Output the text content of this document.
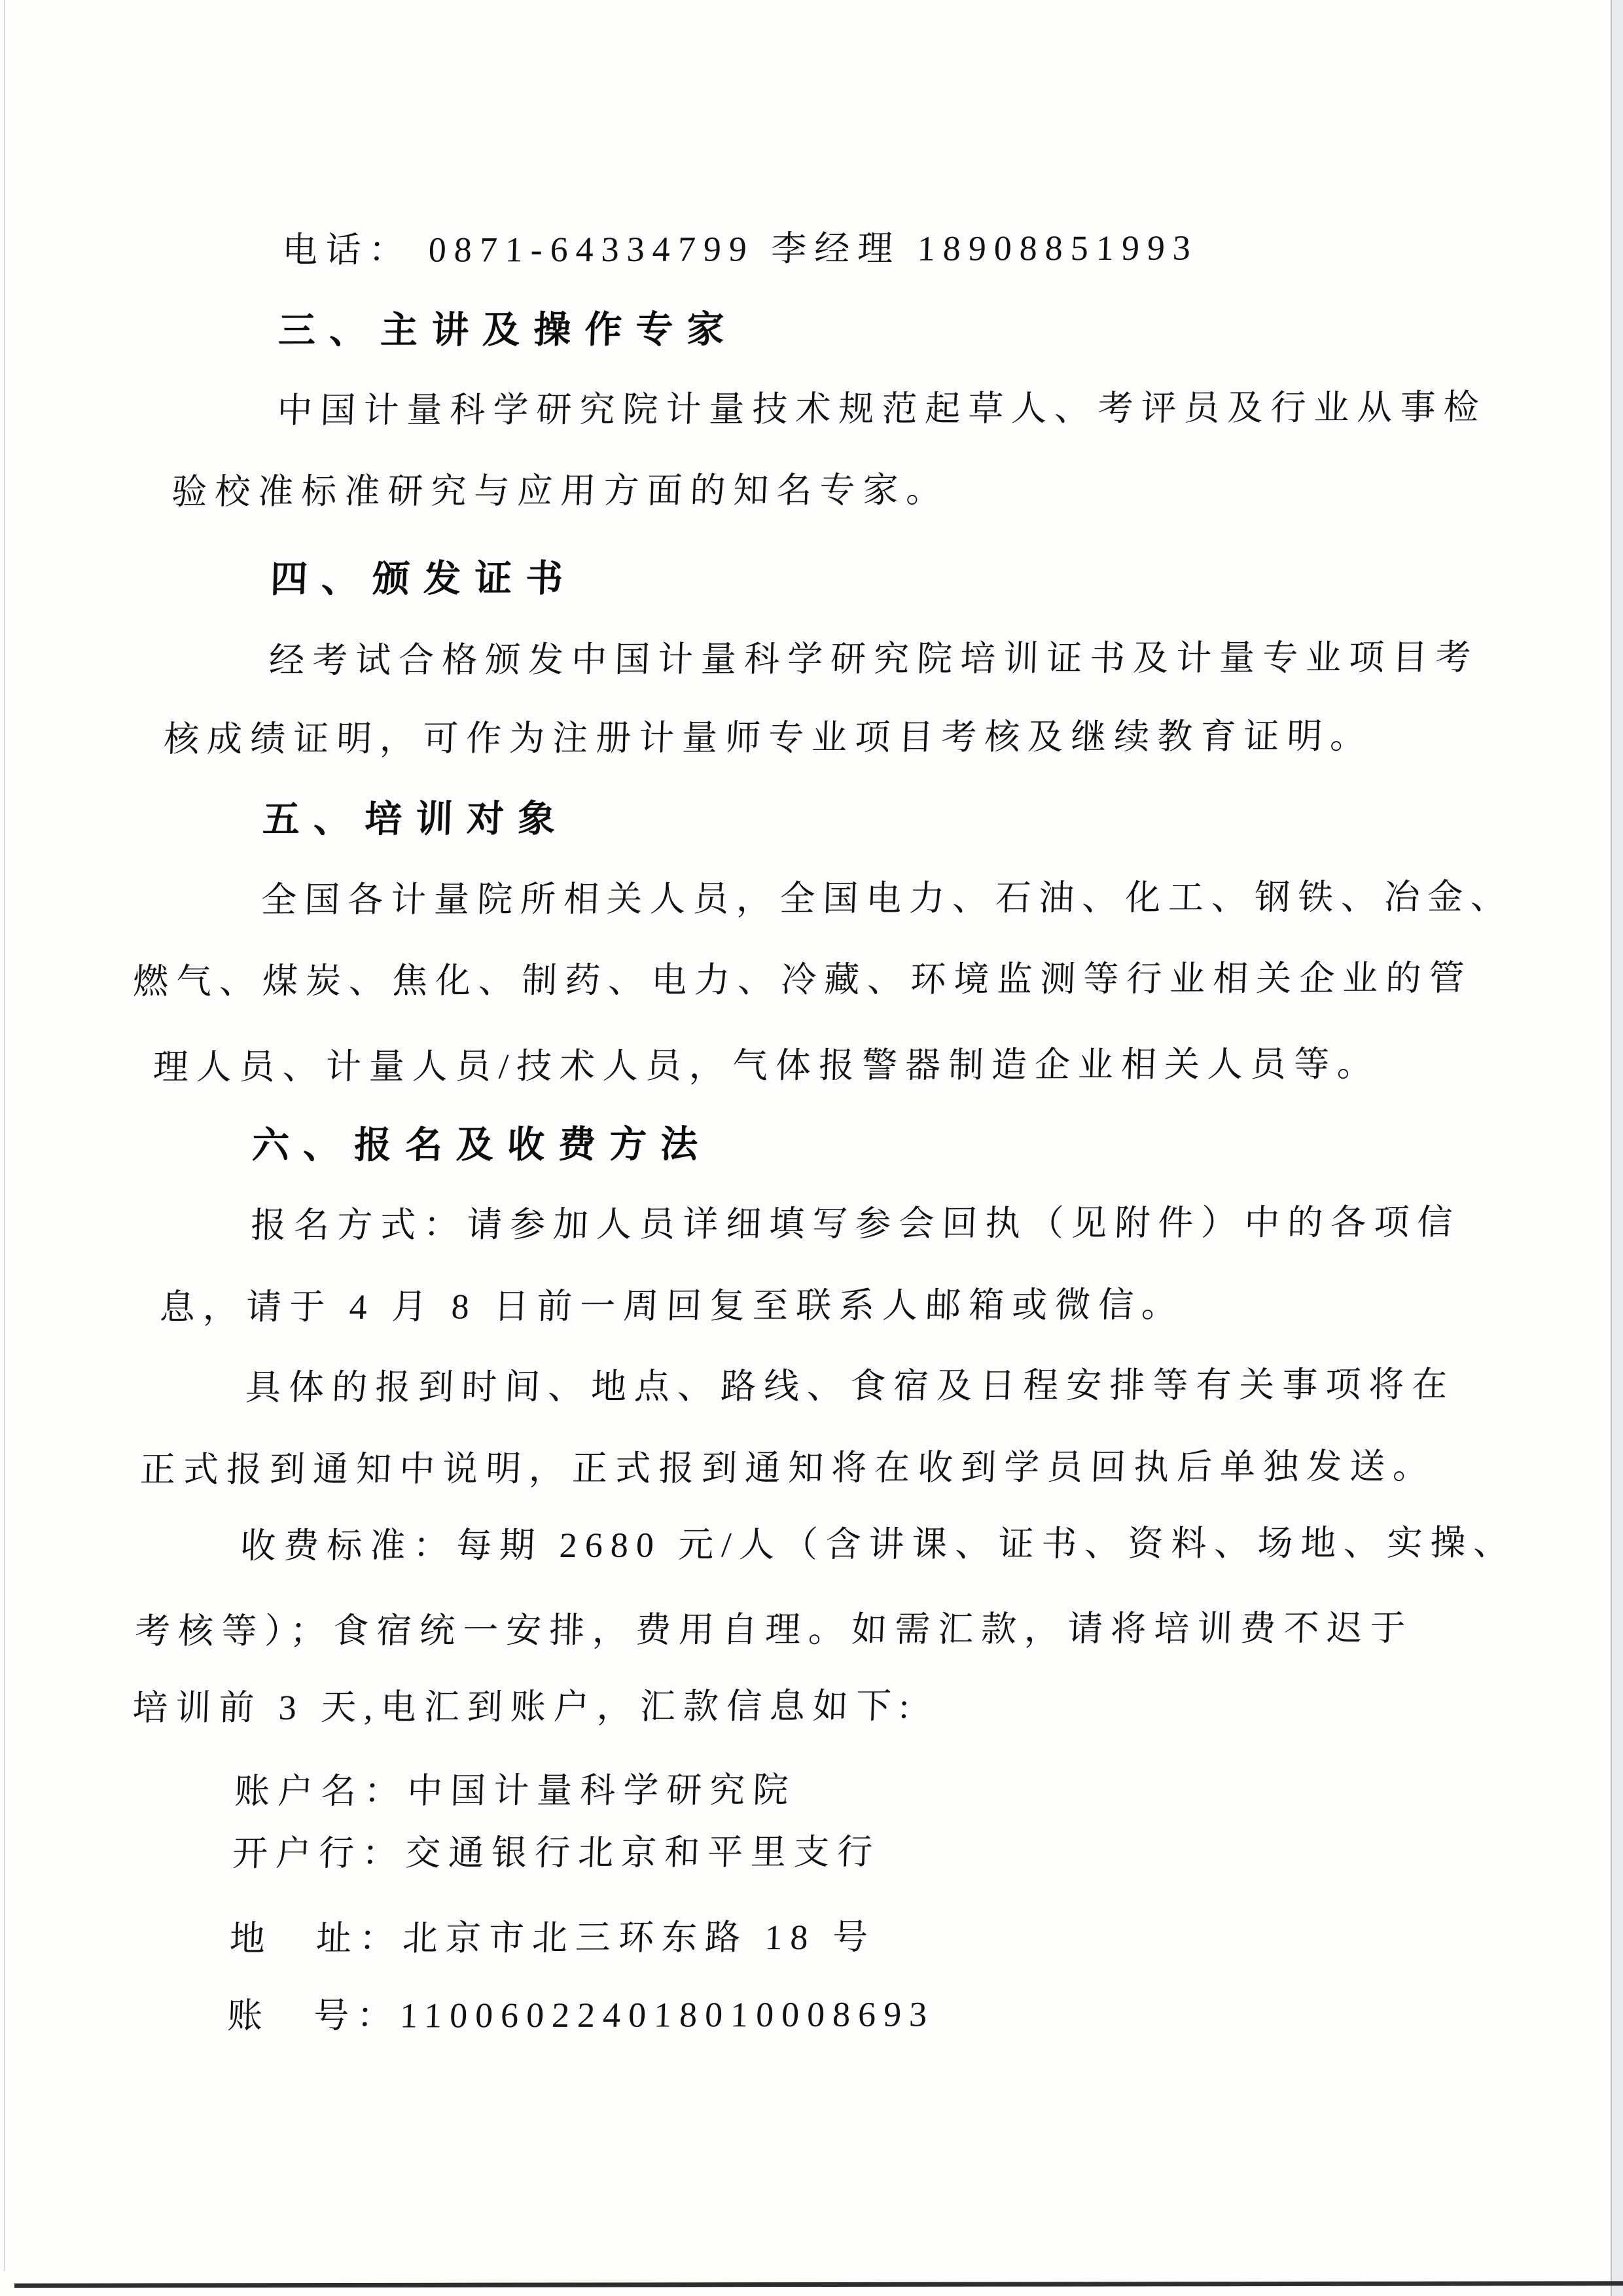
电话： 0871-64334799 李经理 18908851993
三、主讲及操作专家
中国计量科学研究院计量技术规范起草人、考评员及行业从事检
验校准标准研究与应用方面的知名专家。
四、颁发证书
经考试合格颁发中国计量科学研究院培训证书及计量专业项目考
核成绩证明，可作为注册计量师专业项目考核及继续教育证明。
五、培训对象
全国各计量院所相关人员，全国电力、石油、化工、钢铁、冶金、
燃气、煤炭、焦化、制药、电力、冷藏、环境监测等行业相关企业的管
理人员、计量人员/技术人员，气体报警器制造企业相关人员等。
六、报名及收费方法
报名方式：请参加人员详细填写参会回执（见附件）中的各项信
息，请于 4 月 8 日前一周回复至联系人邮箱或微信。
具体的报到时间、地点、路线、食宿及日程安排等有关事项将在
正式报到通知中说明，正式报到通知将在收到学员回执后单独发送。
收费标准：每期 2680 元/人（含讲课、证书、资料、场地、实操、
考核等）；食宿统一安排，费用自理。如需汇款，请将培训费不迟于
培训前 3 天,电汇到账户，汇款信息如下:
账户名：中国计量科学研究院
开户行：交通银行北京和平里支行
地　址：北京市北三环东路 18 号
账　号：110060224018010008693
